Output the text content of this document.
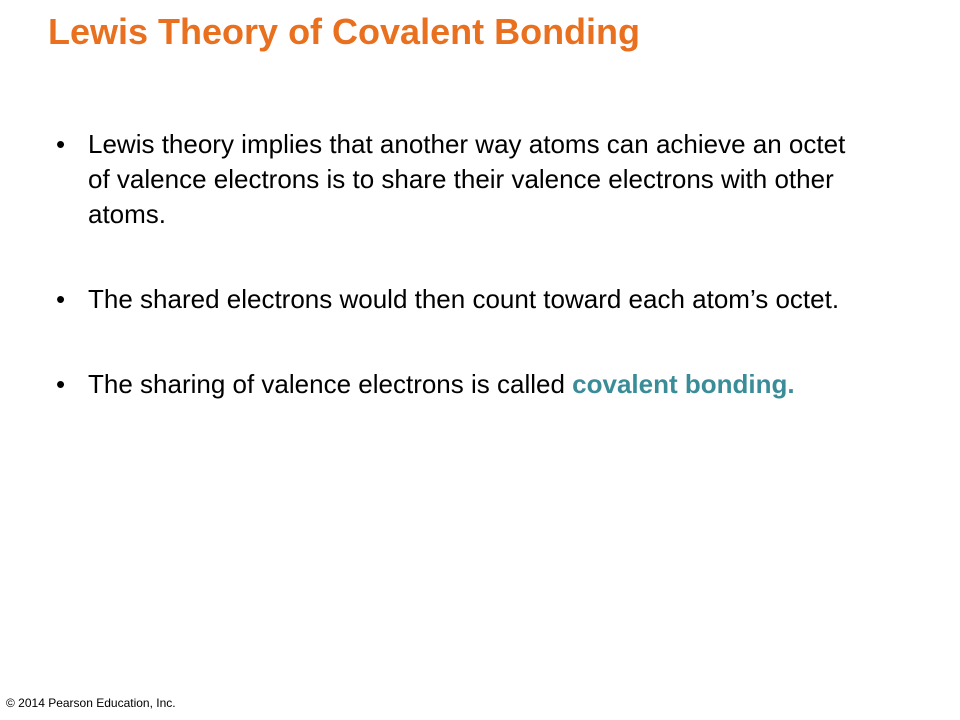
Lewis Theory of Covalent Bonding
• Lewis theory implies that another way atoms can achieve an octet of valence electrons is to share their valence electrons with other atoms.
• The shared electrons would then count toward each atom’s octet.
• The sharing of valence electrons is called covalent bonding.
© 2014 Pearson Education, Inc.
